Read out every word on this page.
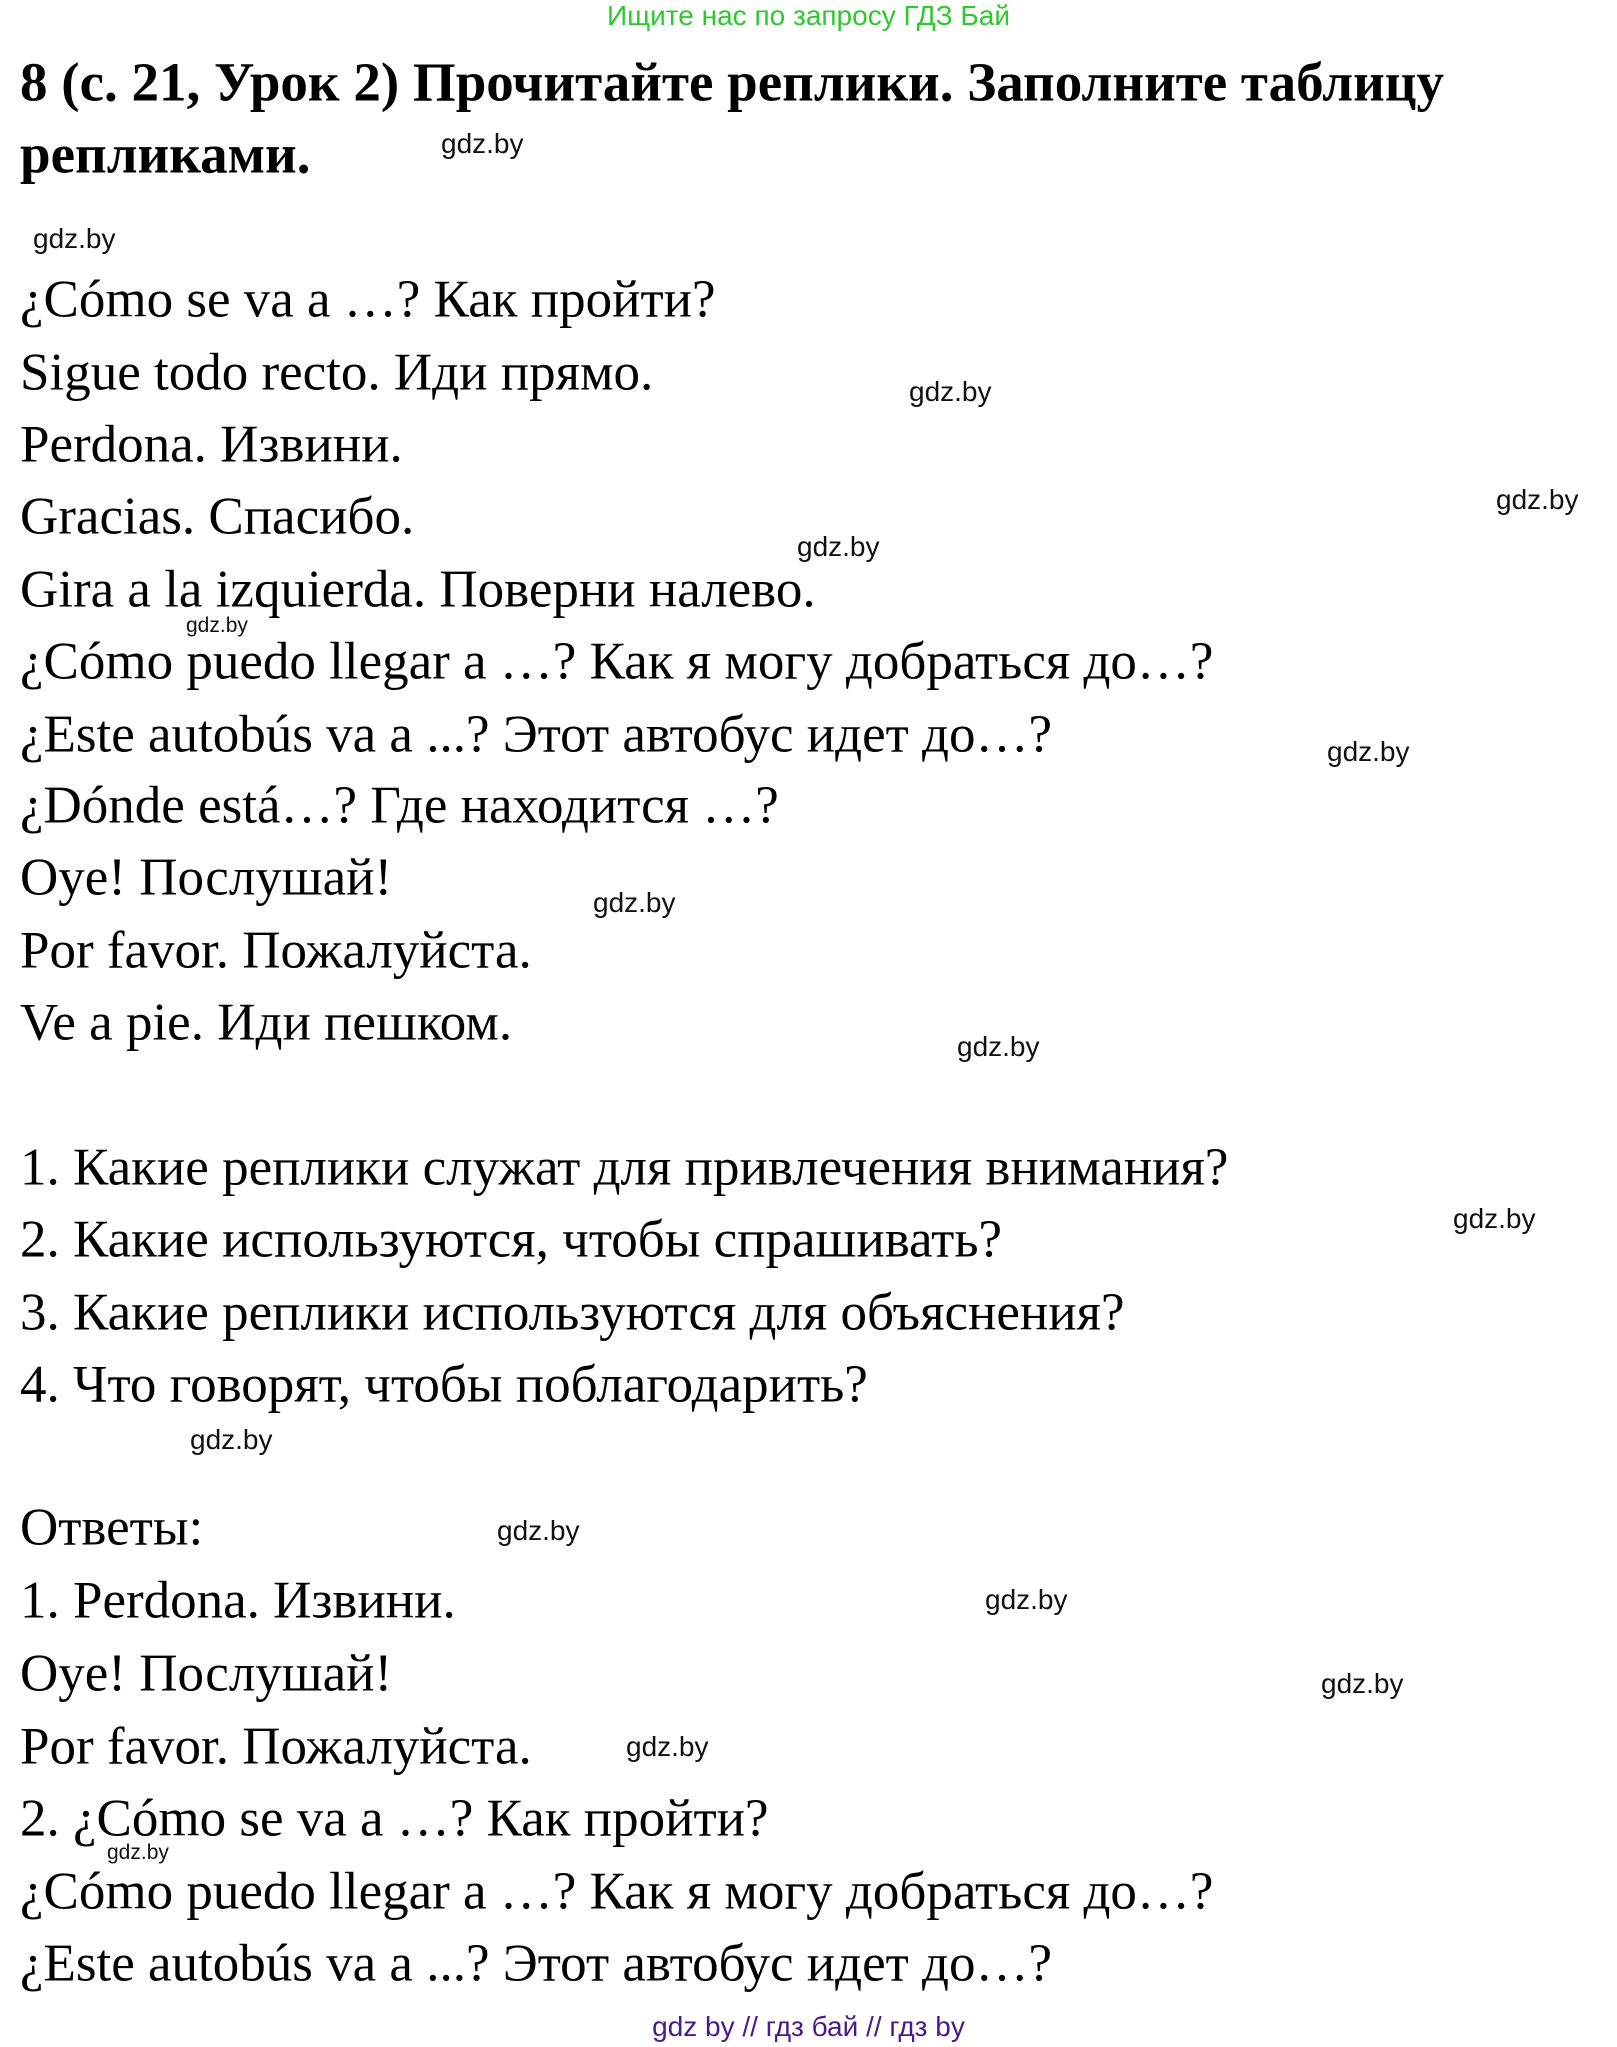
Ищите нас по запросу ГДЗ Бай
8 (с. 21, Урок 2) Прочитайте реплики. Заполните таблицу
репликами.
¿Cómo se va a …? Как пройти?
Sigue todo recto. Иди прямо.
Perdona. Извини.
Gracias. Спасибо.
Gira a la izquierda. Поверни налево.
¿Cómo puedo llegar a …? Как я могу добраться до…?
¿Este autobús va a ...? Этот автобус идет до…?
¿Dónde está…? Где находится …?
Oye! Послушай!
Por favor. Пожалуйста.
Ve a pie. Иди пешком.
1. Какие реплики служат для привлечения внимания?
2. Какие используются, чтобы спрашивать?
3. Какие реплики используются для объяснения?
4. Что говорят, чтобы поблагодарить?
Ответы:
1. Perdona. Извини.
Oye! Послушай!
Por favor. Пожалуйста.
2. ¿Cómo se va a …? Как пройти?
¿Cómo puedo llegar a …? Как я могу добраться до…?
¿Este autobús va a ...? Этот автобус идет до…?
gdz.by
gdz.by
gdz.by
gdz.by
gdz.by
gdz.by
gdz.by
gdz.by
gdz.by
gdz.by
gdz.by
gdz.by
gdz.by
gdz.by
gdz.by
gdz.by
gdz by // гдз бай // гдз by
